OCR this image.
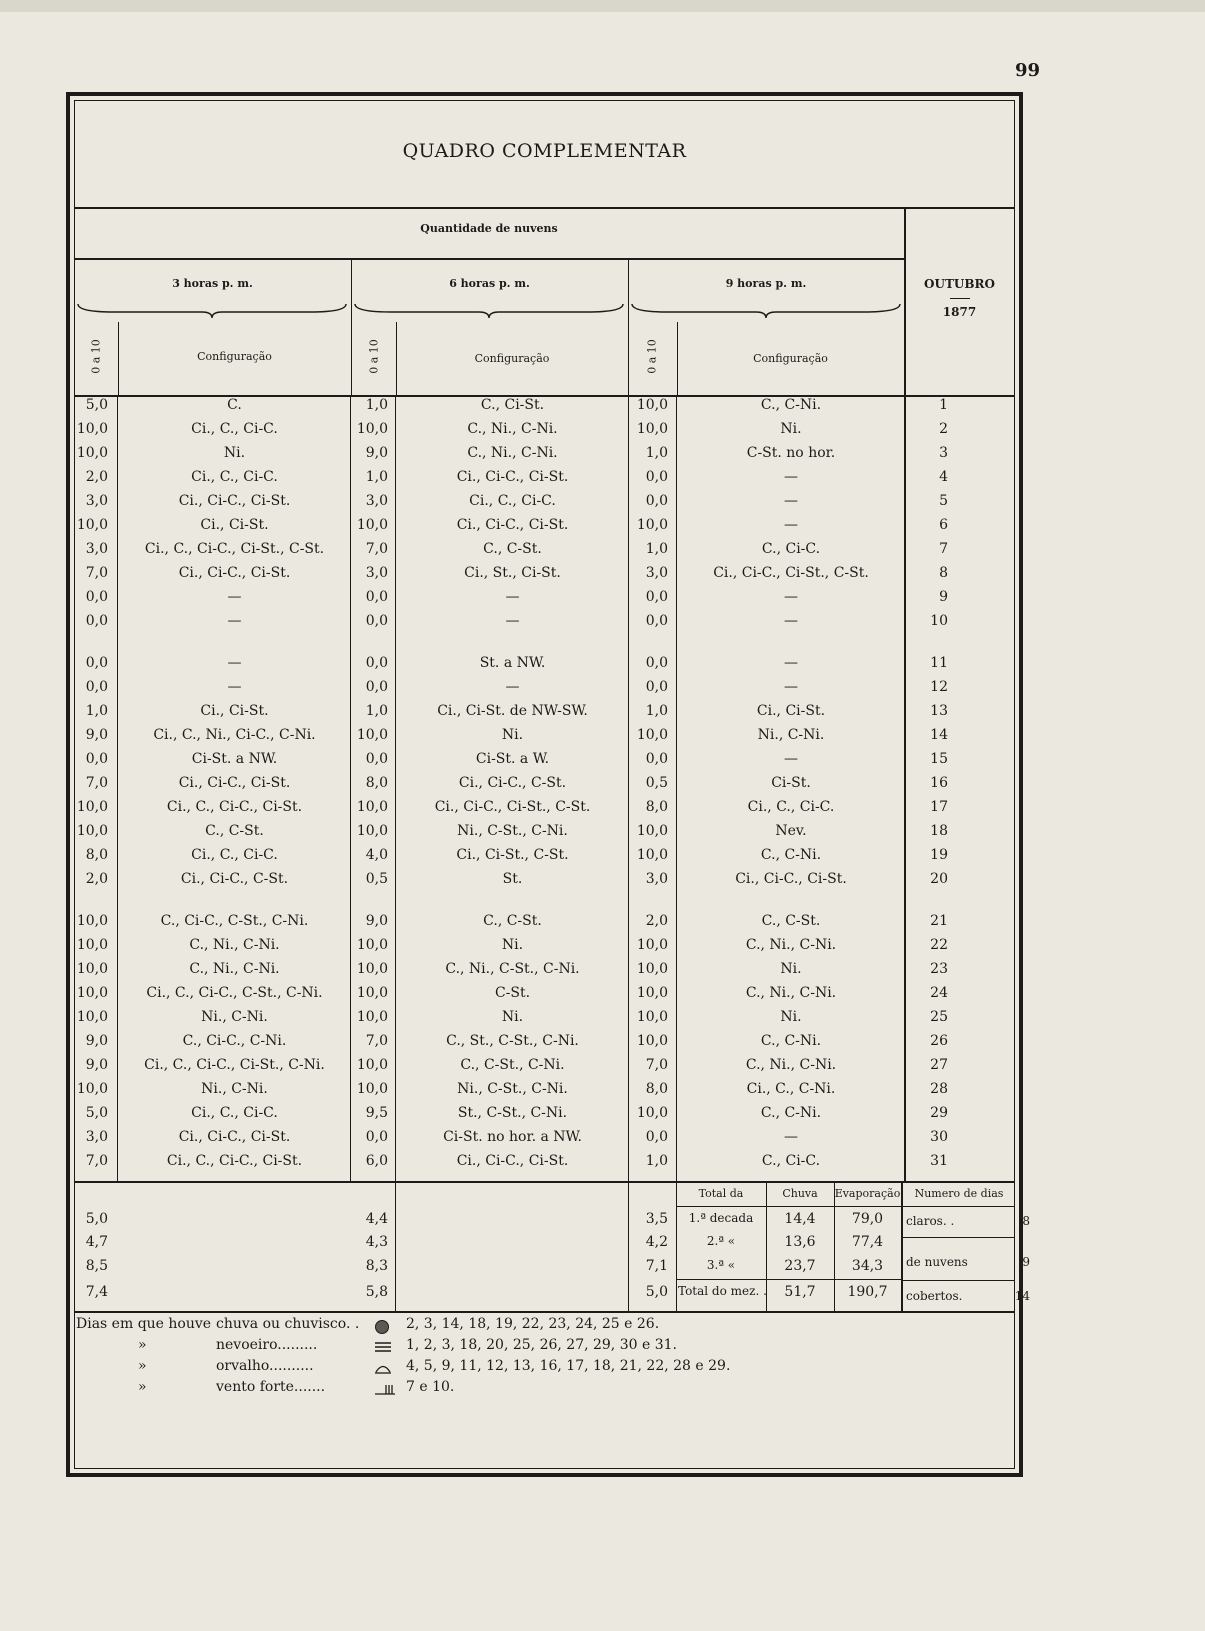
99
QUADRO COMPLEMENTAR
Quantidade de nuvens
3 horas p. m.	6 horas p. m.	9 horas p. m.	OUTUBRO
1877
0 a 10	0 a 10	0 a 10
Configuração	Configuração	Configuração
5,0	C.	1,0	C., Ci-St.	10,0	C., C-Ni.	1
10,0	Ci., C., Ci-C.	10,0	C., Ni., C-Ni.	10,0	Ni.	2
10,0	Ni.	9,0	C., Ni., C-Ni.	1,0	C-St. no hor.	3
2,0	Ci., C., Ci-C.	1,0	Ci., Ci-C., Ci-St.	0,0	—	4
3,0	Ci., Ci-C., Ci-St.	3,0	Ci., C., Ci-C.	0,0	—	5
10,0	Ci., Ci-St.	10,0	Ci., Ci-C., Ci-St.	10,0	—	6
3,0	Ci., C., Ci-C., Ci-St., C-St.	7,0	C., C-St.	1,0	C., Ci-C.	7
7,0	Ci., Ci-C., Ci-St.	3,0	Ci., St., Ci-St.	3,0	Ci., Ci-C., Ci-St., C-St.	8
0,0	—	0,0	—	0,0	—	9
0,0	—	0,0	—	0,0	—	10
0,0	—	0,0	St. a NW.	0,0	—	11
0,0	—	0,0	—	0,0	—	12
1,0	Ci., Ci-St.	1,0	Ci., Ci-St. de NW-SW.	1,0	Ci., Ci-St.	13
9,0	Ci., C., Ni., Ci-C., C-Ni.	10,0	Ni.	10,0	Ni., C-Ni.	14
0,0	Ci-St. a NW.	0,0	Ci-St. a W.	0,0	—	15
7,0	Ci., Ci-C., Ci-St.	8,0	Ci., Ci-C., C-St.	0,5	Ci-St.	16
10,0	Ci., C., Ci-C., Ci-St.	10,0	Ci., Ci-C., Ci-St., C-St.	8,0	Ci., C., Ci-C.	17
10,0	C., C-St.	10,0	Ni., C-St., C-Ni.	10,0	Nev.	18
8,0	Ci., C., Ci-C.	4,0	Ci., Ci-St., C-St.	10,0	C., C-Ni.	19
2,0	Ci., Ci-C., C-St.	0,5	St.	3,0	Ci., Ci-C., Ci-St.	20
10,0	C., Ci-C., C-St., C-Ni.	9,0	C., C-St.	2,0	C., C-St.	21
10,0	C., Ni., C-Ni.	10,0	Ni.	10,0	C., Ni., C-Ni.	22
10,0	C., Ni., C-Ni.	10,0	C., Ni., C-St., C-Ni.	10,0	Ni.	23
10,0	Ci., C., Ci-C., C-St., C-Ni.	10,0	C-St.	10,0	C., Ni., C-Ni.	24
10,0	Ni., C-Ni.	10,0	Ni.	10,0	Ni.	25
9,0	C., Ci-C., C-Ni.	7,0	C., St., C-St., C-Ni.	10,0	C., C-Ni.	26
9,0	Ci., C., Ci-C., Ci-St., C-Ni.	10,0	C., C-St., C-Ni.	7,0	C., Ni., C-Ni.	27
10,0	Ni., C-Ni.	10,0	Ni., C-St., C-Ni.	8,0	Ci., C., C-Ni.	28
5,0	Ci., C., Ci-C.	9,5	St., C-St., C-Ni.	10,0	C., C-Ni.	29
3,0	Ci., Ci-C., Ci-St.	0,0	Ci-St. no hor. a NW.	0,0	—	30
7,0	Ci., C., Ci-C., Ci-St.	6,0	Ci., Ci-C., Ci-St.	1,0	C., Ci-C.	31
Total da	Chuva	Evaporação	Numero de dias
5,0	4,4	3,5	1.ª decada	14,4	79,0
4,7	4,3	4,2	2.ª «	13,6	77,4
8,5	8,3	7,1	3.ª «	23,7	34,3
7,4	5,8	5,0 Total do mez. .	51,7	190,7
claros. .	8
de nuvens	9
cobertos.	14
Dias em que houve chuva ou chuvisco. .	2, 3, 14, 18, 19, 22, 23, 24, 25 e 26.
»	nevoeiro.........	1, 2, 3, 18, 20, 25, 26, 27, 29, 30 e 31.
»	orvalho..........	4, 5, 9, 11, 12, 13, 16, 17, 18, 21, 22, 28 e 29.
»	vento forte.......	7 e 10.
